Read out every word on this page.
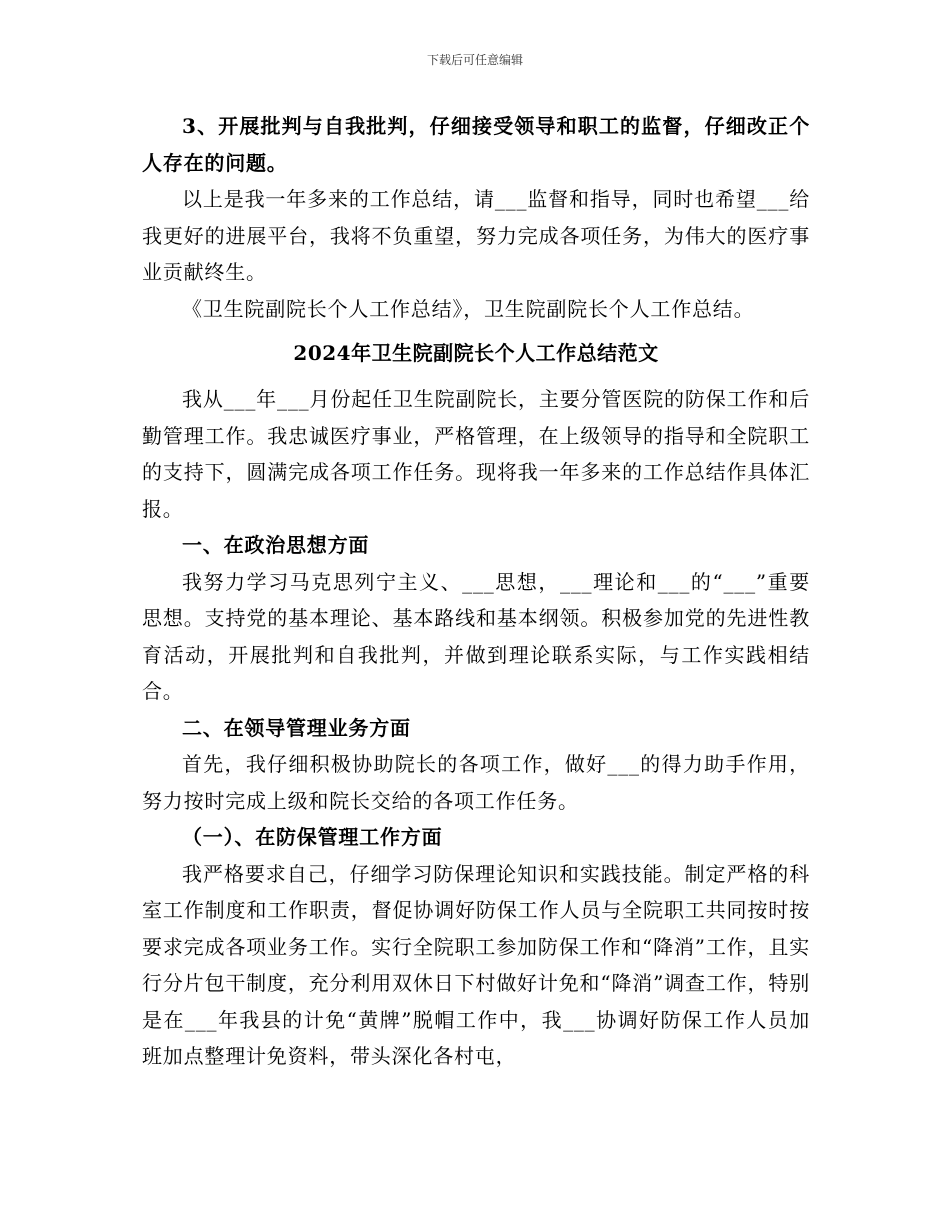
下载后可任意编辑

3、开展批判与自我批判，仔细接受领导和职工的监督，仔细改正个人存在的问题。

以上是我一年多来的工作总结，请___监督和指导，同时也希望___给我更好的进展平台，我将不负重望，努力完成各项任务，为伟大的医疗事业贡献终生。

《卫生院副院长个人工作总结》，卫生院副院长个人工作总结。

2024年卫生院副院长个人工作总结范文

我从___年___月份起任卫生院副院长，主要分管医院的防保工作和后勤管理工作。我忠诚医疗事业，严格管理，在上级领导的指导和全院职工的支持下，圆满完成各项工作任务。现将我一年多来的工作总结作具体汇报。

一、在政治思想方面

我努力学习马克思列宁主义、___思想，___理论和___的“___”重要思想。支持党的基本理论、基本路线和基本纲领。积极参加党的先进性教育活动，开展批判和自我批判，并做到理论联系实际，与工作实践相结合。

二、在领导管理业务方面

首先，我仔细积极协助院长的各项工作，做好___的得力助手作用，努力按时完成上级和院长交给的各项工作任务。

（一）、在防保管理工作方面

我严格要求自己，仔细学习防保理论知识和实践技能。制定严格的科室工作制度和工作职责，督促协调好防保工作人员与全院职工共同按时按要求完成各项业务工作。实行全院职工参加防保工作和“降消”工作，且实行分片包干制度，充分利用双休日下村做好计免和“降消”调查工作，特别是在___年我县的计免“黄牌”脱帽工作中，我___协调好防保工作人员加班加点整理计免资料，带头深化各村屯，
